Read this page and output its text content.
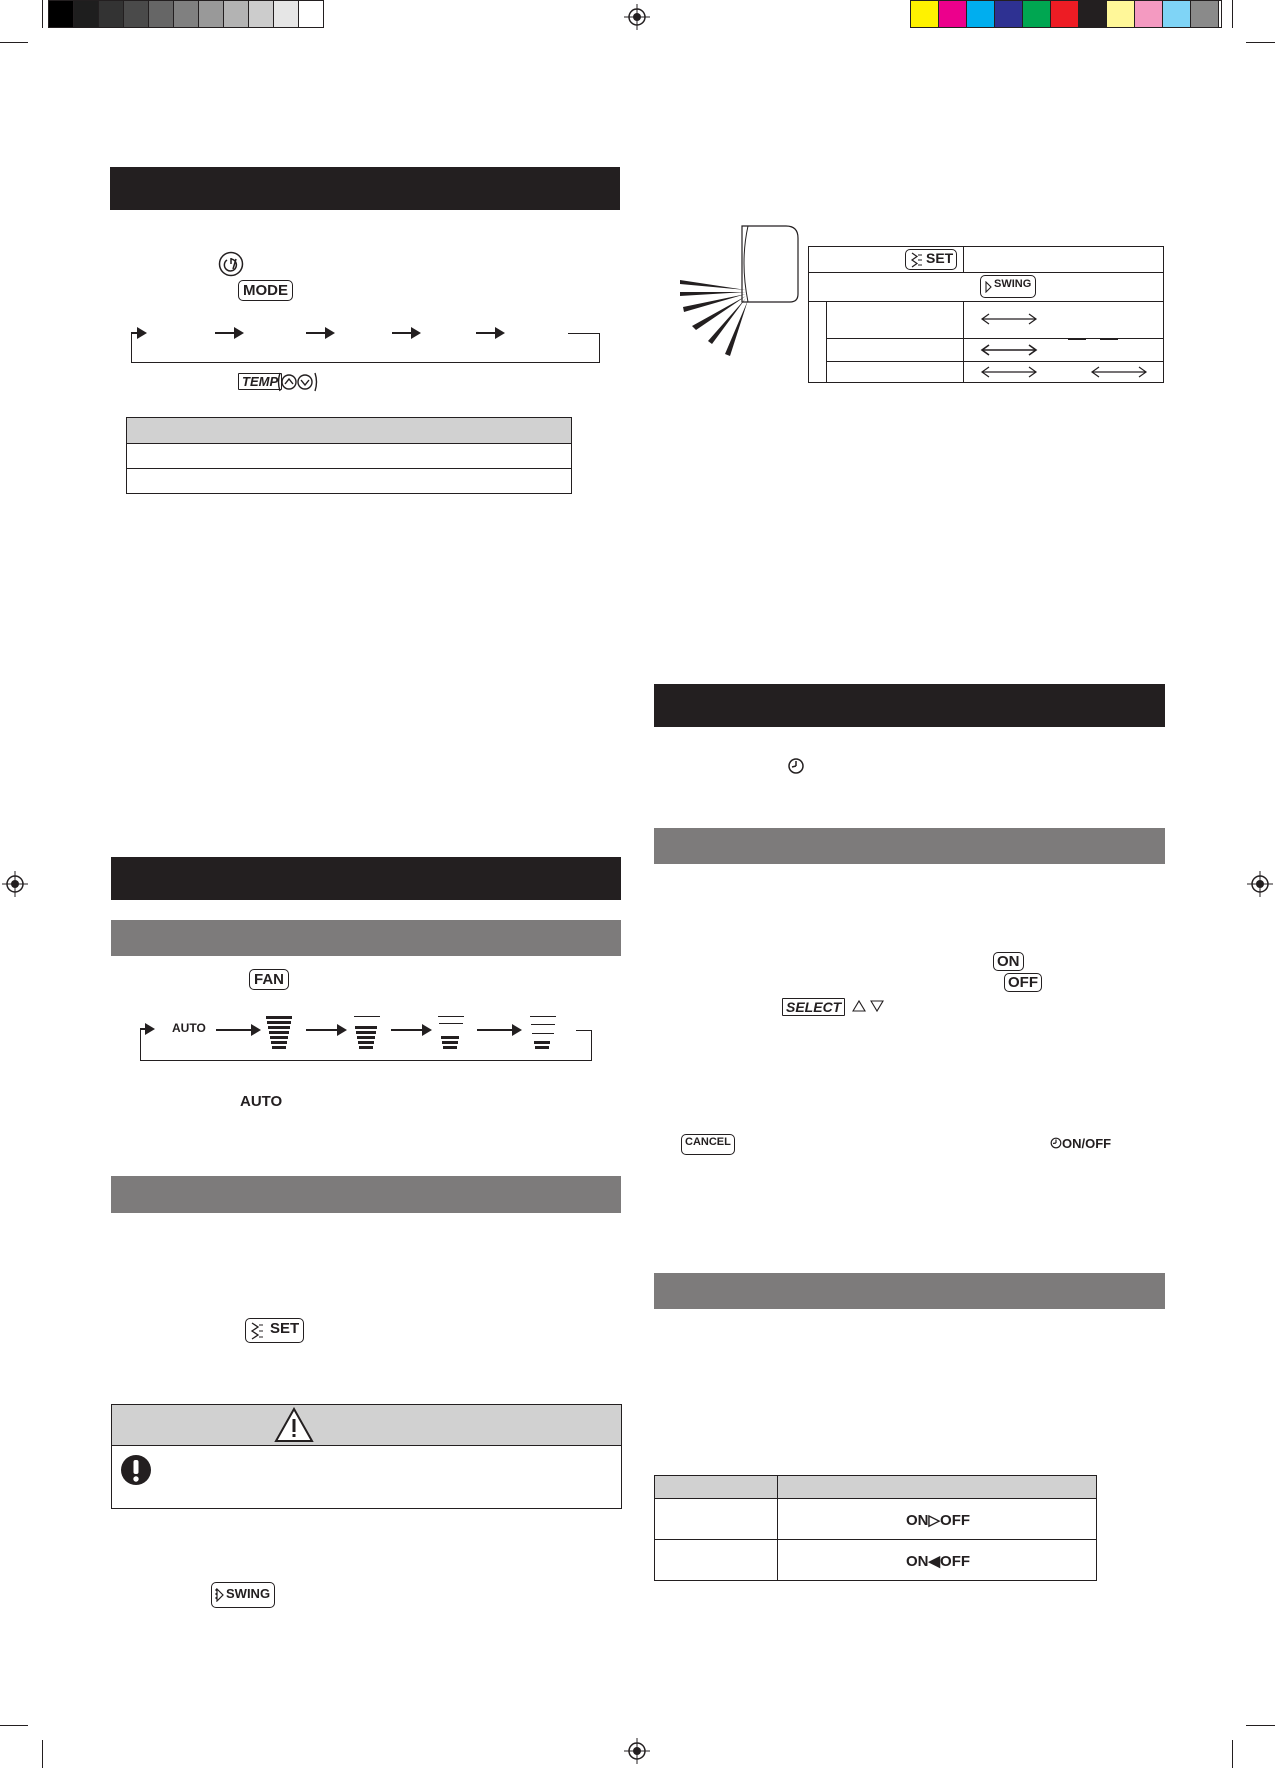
MODE
TEMP
FAN
AUTO
AUTO
SET
SWING
SET
SWING
ON
OFF
SELECT
CANCEL	ON/OFF
ON▷OFF
ON◀OFF
